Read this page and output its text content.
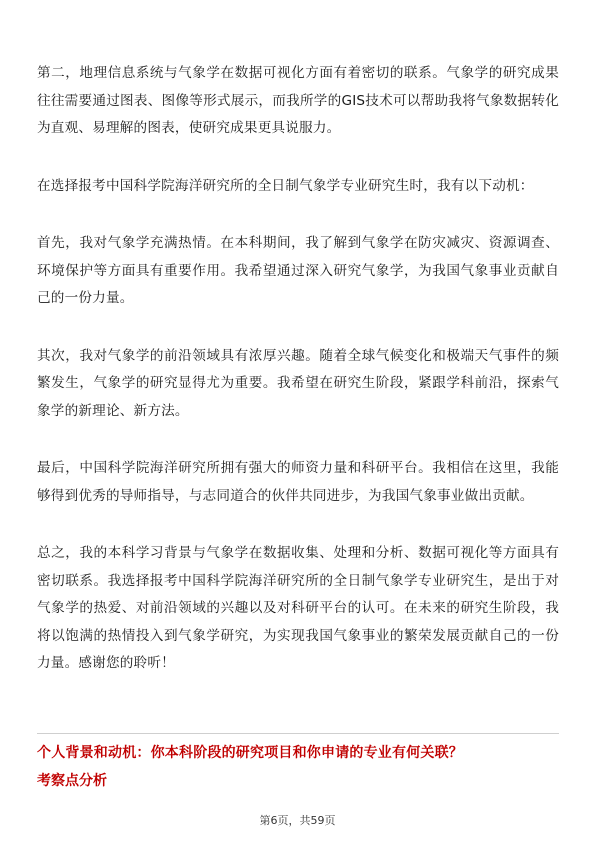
第二，地理信息系统与气象学在数据可视化方面有着密切的联系。气象学的研究成果往往需要通过图表、图像等形式展示，而我所学的GIS技术可以帮助我将气象数据转化为直观、易理解的图表，使研究成果更具说服力。

在选择报考中国科学院海洋研究所的全日制气象学专业研究生时，我有以下动机：

首先，我对气象学充满热情。在本科期间，我了解到气象学在防灾减灾、资源调查、环境保护等方面具有重要作用。我希望通过深入研究气象学，为我国气象事业贡献自己的一份力量。

其次，我对气象学的前沿领域具有浓厚兴趣。随着全球气候变化和极端天气事件的频繁发生，气象学的研究显得尤为重要。我希望在研究生阶段，紧跟学科前沿，探索气象学的新理论、新方法。

最后，中国科学院海洋研究所拥有强大的师资力量和科研平台。我相信在这里，我能够得到优秀的导师指导，与志同道合的伙伴共同进步，为我国气象事业做出贡献。

总之，我的本科学习背景与气象学在数据收集、处理和分析、数据可视化等方面具有密切联系。我选择报考中国科学院海洋研究所的全日制气象学专业研究生，是出于对气象学的热爱、对前沿领域的兴趣以及对科研平台的认可。在未来的研究生阶段，我将以饱满的热情投入到气象学研究，为实现我国气象事业的繁荣发展贡献自己的一份力量。感谢您的聆听！

个人背景和动机：你本科阶段的研究项目和你申请的专业有何关联？

考察点分析

第6页，共59页
